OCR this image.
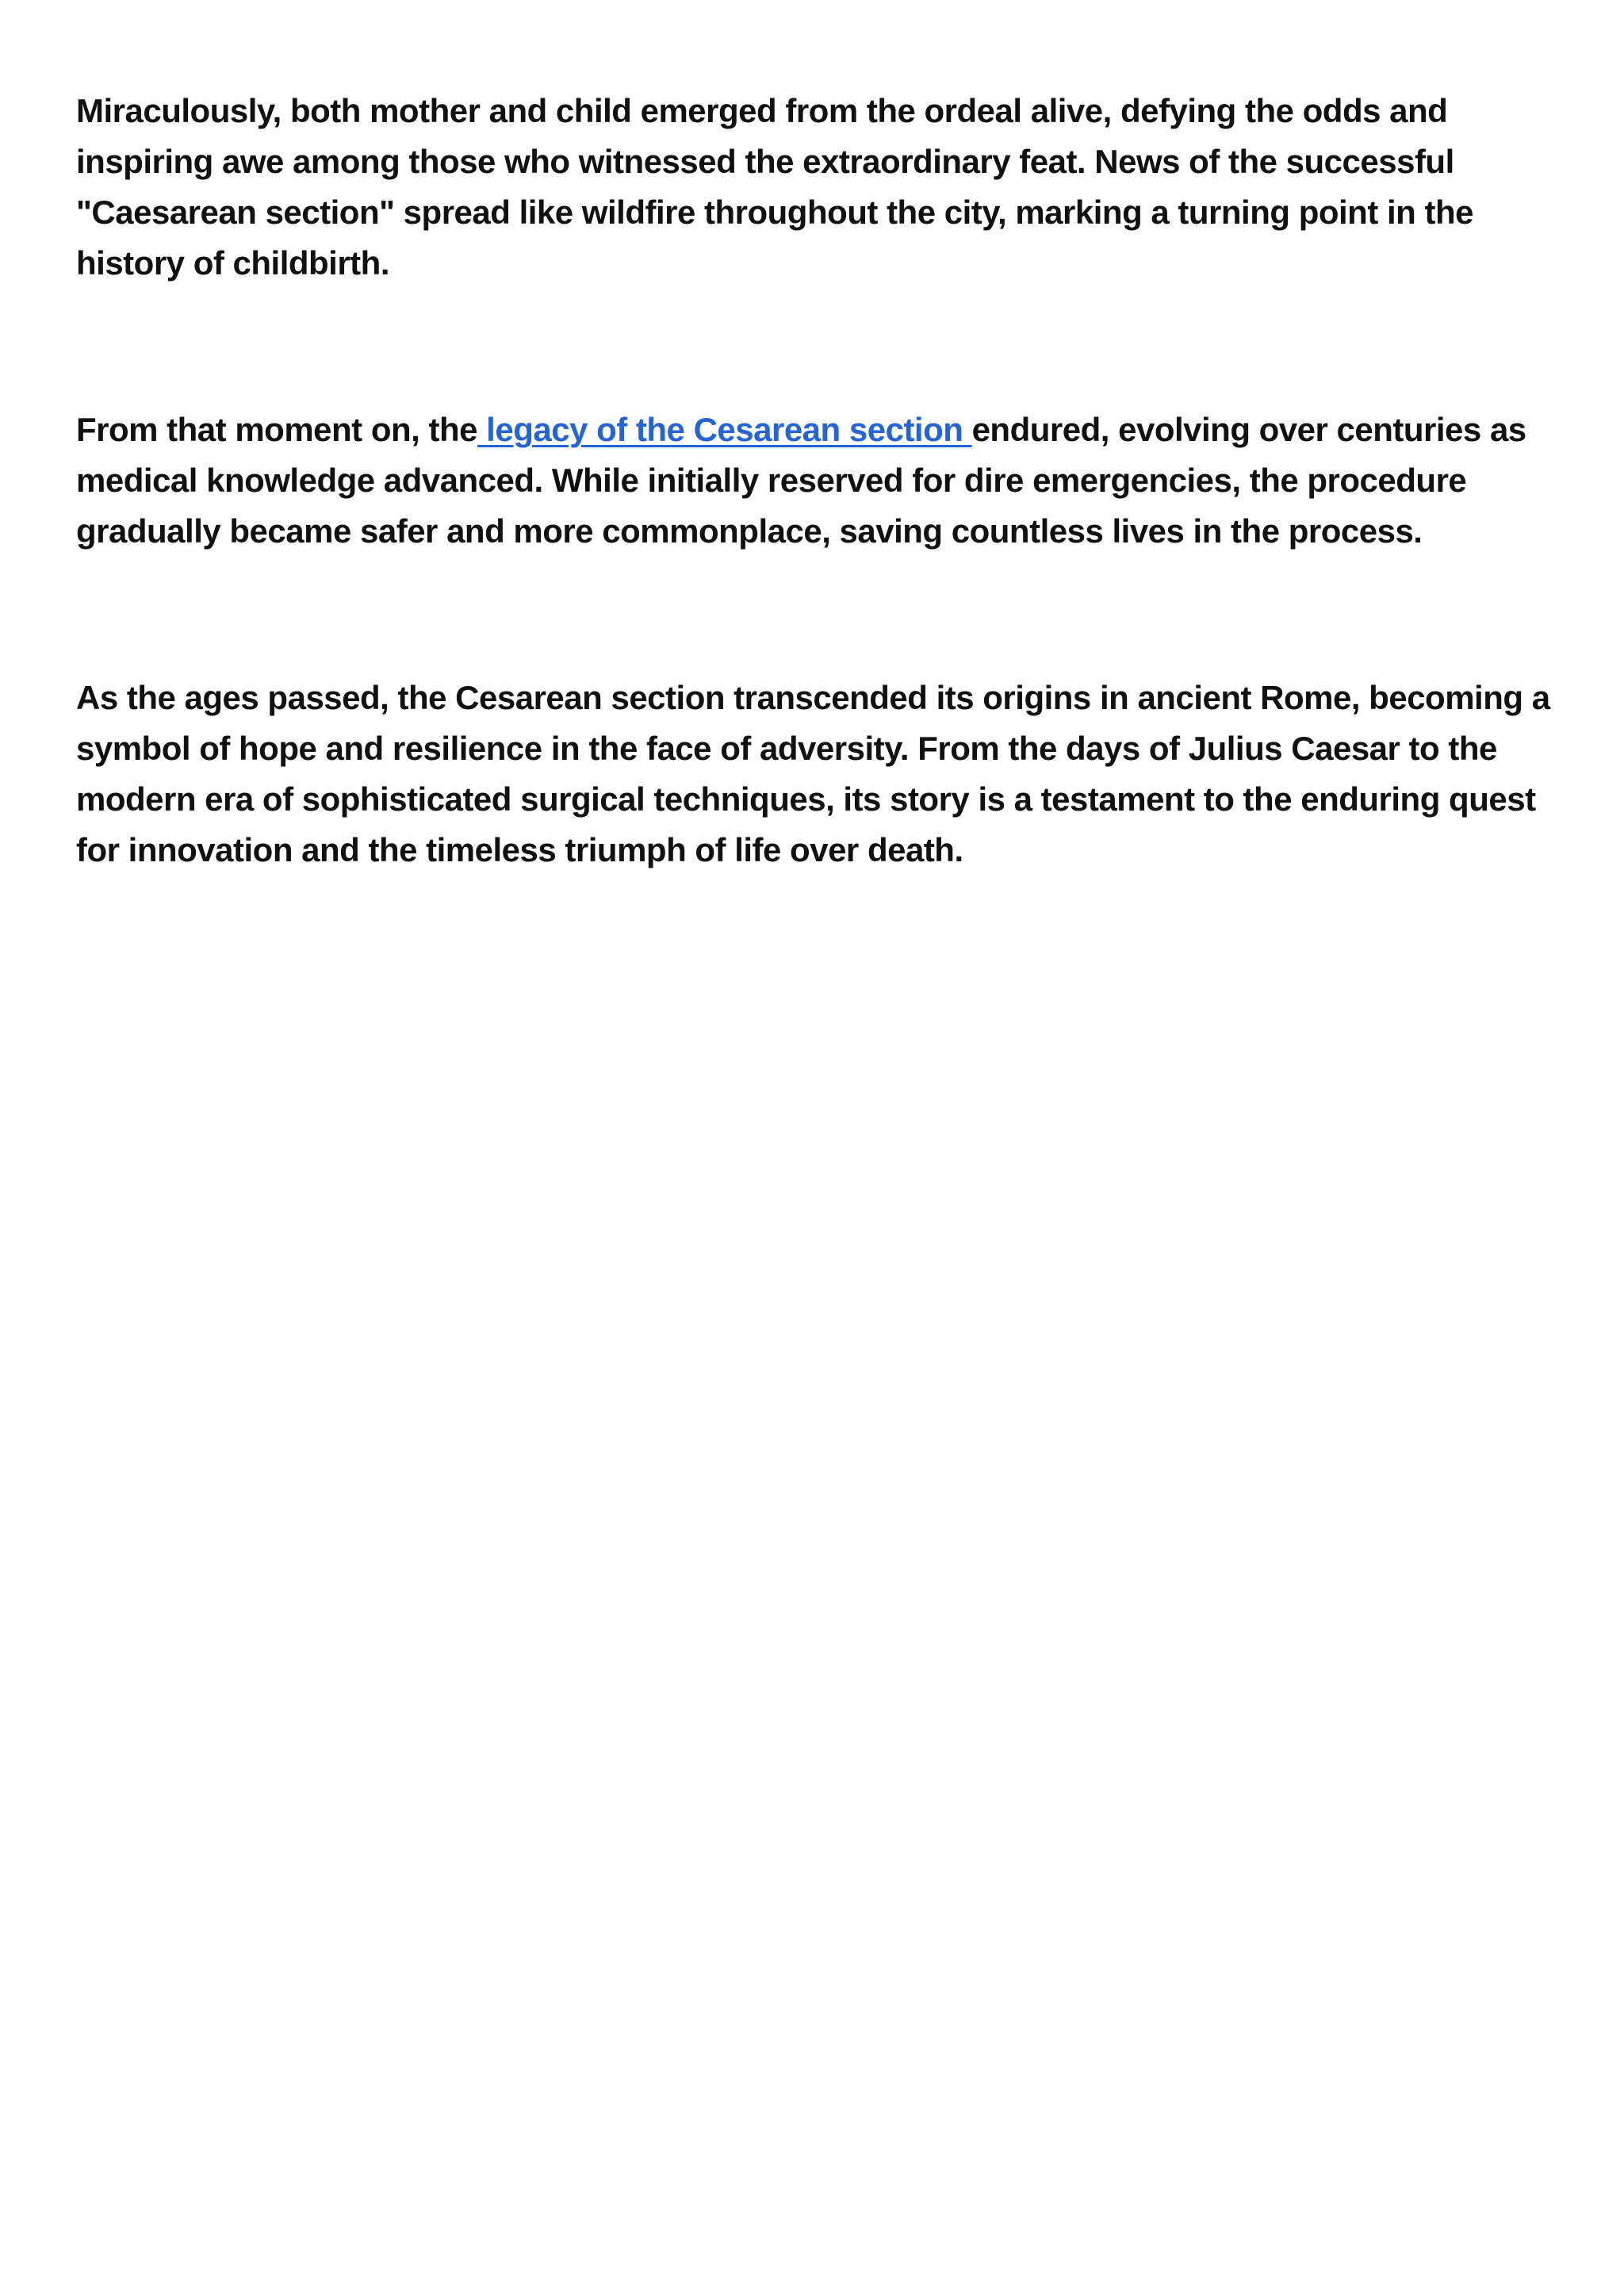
Miraculously, both mother and child emerged from the ordeal alive, defying the odds and inspiring awe among those who witnessed the extraordinary feat. News of the successful "Caesarean section" spread like wildfire throughout the city, marking a turning point in the history of childbirth.

From that moment on, the legacy of the Cesarean section endured, evolving over centuries as medical knowledge advanced. While initially reserved for dire emergencies, the procedure gradually became safer and more commonplace, saving countless lives in the process.

As the ages passed, the Cesarean section transcended its origins in ancient Rome, becoming a symbol of hope and resilience in the face of adversity. From the days of Julius Caesar to the modern era of sophisticated surgical techniques, its story is a testament to the enduring quest for innovation and the timeless triumph of life over death.
